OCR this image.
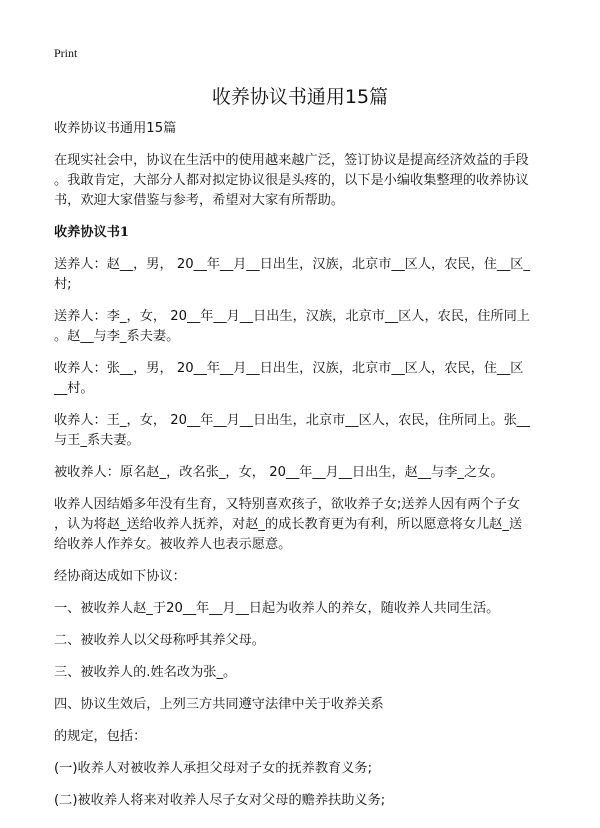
Print
收养协议书通用15篇
收养协议书通用15篇
在现实社会中，协议在生活中的使用越来越广泛，签订协议是提高经济效益的手段
。我敢肯定，大部分人都对拟定协议很是头疼的，以下是小编收集整理的收养协议
书，欢迎大家借鉴与参考，希望对大家有所帮助。
收养协议书1
送养人：赵__，男， 20__年__月__日出生，汉族，北京市__区人，农民，住__区_
村;
送养人：李_，女， 20__年__月__日出生，汉族，北京市__区人，农民，住所同上
。赵__与李_系夫妻。
收养人：张__，男， 20__年__月__日出生，汉族，北京市__区人，农民，住__区
__村。
收养人：王_，女， 20__年__月__日出生，北京市__区人，农民，住所同上。张__
与王_系夫妻。
被收养人：原名赵_，改名张_，女， 20__年__月__日出生，赵__与李_之女。
收养人因结婚多年没有生育，又特别喜欢孩子，欲收养子女;送养人因有两个子女
，认为将赵_送给收养人抚养，对赵_的成长教育更为有利，所以愿意将女儿赵_送
给收养人作养女。被收养人也表示愿意。
经协商达成如下协议：
一、被收养人赵_于20__年__月__日起为收养人的养女，随收养人共同生活。
二、被收养人以父母称呼其养父母。
三、被收养人的.姓名改为张_。
四、协议生效后，上列三方共同遵守法律中关于收养关系
的规定，包括：
(一)收养人对被收养人承担父母对子女的抚养教育义务;
(二)被收养人将来对收养人尽子女对父母的赡养扶助义务;
